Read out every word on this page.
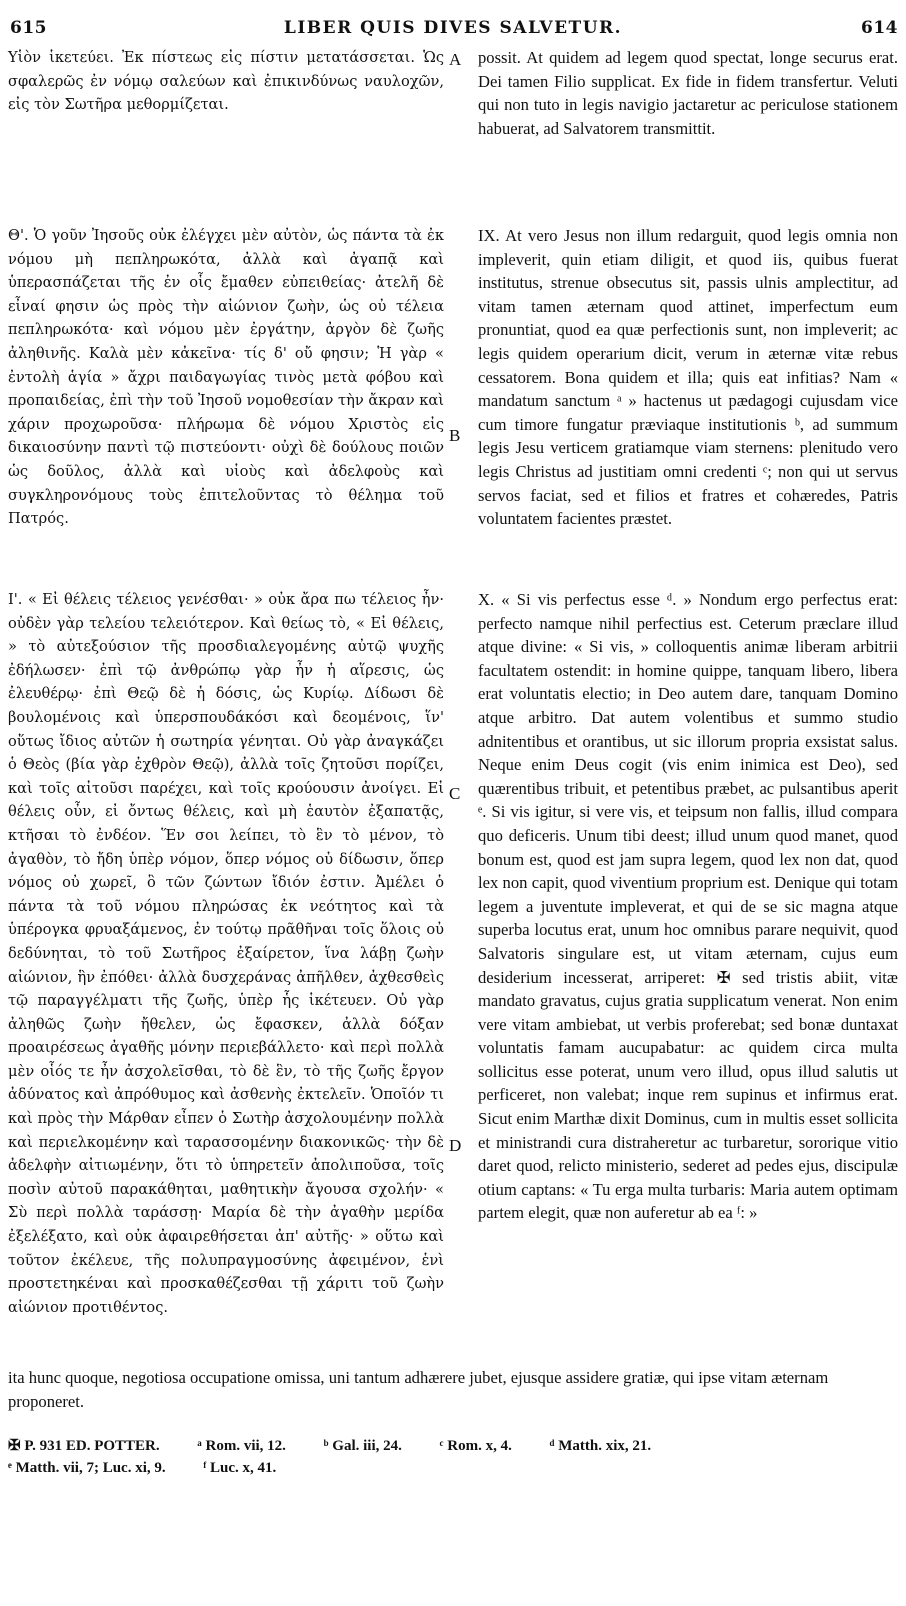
LIBER QUIS DIVES SALVETUR.
615	614
Υἱὸν ἱκετεύει. Ἐκ πίστεως εἰς πίστιν μετατάσσεται. Ὡς σφαλερῶς ἐν νόμῳ σαλεύων καὶ ἐπικινδύνως ναυλοχῶν, εἰς τὸν Σωτῆρα μεθορμίζεται.
Θ'. Ὁ γοῦν Ἰησοῦς οὐκ ἐλέγχει μὲν αὐτὸν, ὡς πάντα τὰ ἐκ νόμου μὴ πεπληρωκότα, ἀλλὰ καὶ ἀγαπᾷ καὶ ὑπερασπάζεται τῆς ἐν οἷς ἔμαθεν εὐπειθείας· ἀτελῆ δὲ εἶναί φησιν ὡς πρὸς τὴν αἰώνιον ζωὴν, ὡς οὐ τέλεια πεπληρωκότα· καὶ νόμου μὲν ἐργάτην, ἀργὸν δὲ ζωῆς ἀληθινῆς. Καλὰ μὲν κἀκεῖνα· τίς δ' οὔ φησιν; Ἡ γὰρ « ἐντολὴ ἁγία » ἄχρι παιδαγωγίας τινὸς μετὰ φόβου καὶ προπαιδείας, ἐπὶ τὴν τοῦ Ἰησοῦ νομοθεσίαν τὴν ἄκραν καὶ χάριν προχωροῦσα· πλήρωμα δὲ νόμου Χριστὸς εἰς δικαιοσύνην παντὶ τῷ πιστεύοντι· οὐχὶ δὲ δούλους ποιῶν ὡς δοῦλος, ἀλλὰ καὶ υἱοὺς καὶ ἀδελφοὺς καὶ συγκληρονόμους τοὺς ἐπιτελοῦντας τὸ θέλημα τοῦ Πατρός.
Ι'. « Εἰ θέλεις τέλειος γενέσθαι· » οὐκ ἄρα πω τέλειος ἦν· οὐδὲν γὰρ τελείου τελειότερον. Καὶ θείως τὸ, « Εἰ θέλεις, » τὸ αὐτεξούσιον τῆς προσδιαλεγομένης αὐτῷ ψυχῆς ἐδήλωσεν· ἐπὶ τῷ ἀνθρώπῳ γὰρ ἦν ἡ αἵρεσις, ὡς ἐλευθέρῳ· ἐπὶ Θεῷ δὲ ἡ δόσις, ὡς Κυρίῳ. Δίδωσι δὲ βουλομένοις καὶ ὑπερσπουδάκόσι καὶ δεομένοις, ἵν' οὕτως ἴδιος αὐτῶν ἡ σωτηρία γένηται. Οὐ γὰρ ἀναγκάζει ὁ Θεὸς (βία γὰρ ἐχθρὸν Θεῷ), ἀλλὰ τοῖς ζητοῦσι πορίζει, καὶ τοῖς αἰτοῦσι παρέχει, καὶ τοῖς κρούουσιν ἀνοίγει. Εἰ θέλεις οὖν, εἰ ὄντως θέλεις, καὶ μὴ ἑαυτὸν ἐξαπατᾷς, κτῆσαι τὸ ἐνδέον. Ἕν σοι λείπει, τὸ ἓν τὸ μένον, τὸ ἀγαθὸν, τὸ ἤδη ὑπὲρ νόμον, ὅπερ νόμος οὐ δίδωσιν, ὅπερ νόμος οὐ χωρεῖ, ὃ τῶν ζώντων ἴδιόν ἐστιν. Ἀμέλει ὁ πάντα τὰ τοῦ νόμου πληρώσας ἐκ νεότητος καὶ τὰ ὑπέρογκα φρυαξάμενος, ἐν τούτῳ πρᾶθῆναι τοῖς ὅλοις οὐ δεδύνηται, τὸ τοῦ Σωτῆρος ἐξαίρετον, ἵνα λάβῃ ζωὴν αἰώνιον, ἣν ἐπόθει· ἀλλὰ δυσχεράνας ἀπῆλθεν, ἀχθεσθεὶς τῷ παραγγέλματι τῆς ζωῆς, ὑπὲρ ἧς ἱκέτευεν. Οὐ γὰρ ἀληθῶς ζωὴν ἤθελεν, ὡς ἔφασκεν, ἀλλὰ δόξαν προαιρέσεως ἀγαθῆς μόνην περιεβάλλετο· καὶ περὶ πολλὰ μὲν οἷός τε ἦν ἀσχολεῖσθαι, τὸ δὲ ἓν, τὸ τῆς ζωῆς ἔργον ἀδύνατος καὶ ἀπρόθυμος καὶ ἀσθενὴς ἐκτελεῖν. Ὁποῖόν τι καὶ πρὸς τὴν Μάρθαν εἶπεν ὁ Σωτὴρ ἀσχολουμένην πολλὰ καὶ περιελκομένην καὶ ταρασσομένην διακονικῶς· τὴν δὲ ἀδελφὴν αἰτιωμένην, ὅτι τὸ ὑπηρετεῖν ἀπολιποῦσα, τοῖς ποσὶν αὐτοῦ παρακάθηται, μαθητικὴν ἄγουσα σχολήν· « Σὺ περὶ πολλὰ ταράσσῃ· Μαρία δὲ τὴν ἀγαθὴν μερίδα ἐξελέξατο, καὶ οὐκ ἀφαιρεθήσεται ἀπ' αὐτῆς· » οὕτω καὶ τοῦτον ἐκέλευε, τῆς πολυπραγμοσύνης ἀφειμένον, ἑνὶ προστετηκέναι καὶ προσκαθέζεσθαι τῇ χάριτι τοῦ ζωὴν αἰώνιον προτιθέντος.
A
B
C
D
possit. At quidem ad legem quod spectat, longe securus erat. Dei tamen Filio supplicat. Ex fide in fidem transfertur. Veluti qui non tuto in legis navigio jactaretur ac periculose stationem habuerat, ad Salvatorem transmittit.
IX. At vero Jesus non illum redarguit, quod legis omnia non impleverit, quin etiam diligit, et quod iis, quibus fuerat institutus, strenue obsecutus sit, passis ulnis amplectitur, ad vitam tamen æternam quod attinet, imperfectum eum pronuntiat, quod ea quæ perfectionis sunt, non impleverit; ac legis quidem operarium dicit, verum in æternæ vitæ rebus cessatorem. Bona quidem et illa; quis eat infitias? Nam « mandatum sanctum ᵃ » hactenus ut pædagogi cujusdam vice cum timore fungatur præviaque institutionis ᵇ, ad summum legis Jesu verticem gratiamque viam sternens: plenitudo vero legis Christus ad justitiam omni credenti ᶜ; non qui ut servus servos faciat, sed et filios et fratres et cohæredes, Patris voluntatem facientes præstet.
X. « Si vis perfectus esse ᵈ. » Nondum ergo perfectus erat: perfecto namque nihil perfectius est. Ceterum præclare illud atque divine: « Si vis, » colloquentis animæ liberam arbitrii facultatem ostendit: in homine quippe, tanquam libero, libera erat voluntatis electio; in Deo autem dare, tanquam Domino atque arbitro. Dat autem volentibus et summo studio adnitentibus et orantibus, ut sic illorum propria exsistat salus. Neque enim Deus cogit (vis enim inimica est Deo), sed quærentibus tribuit, et petentibus præbet, ac pulsantibus aperit ᵉ. Si vis igitur, si vere vis, et teipsum non fallis, illud compara quo deficeris. Unum tibi deest; illud unum quod manet, quod bonum est, quod est jam supra legem, quod lex non dat, quod lex non capit, quod viventium proprium est. Denique qui totam legem a juventute impleverat, et qui de se sic magna atque superba locutus erat, unum hoc omnibus parare nequivit, quod Salvatoris singulare est, ut vitam æternam, cujus eum desiderium incesserat, arriperet: ✠ sed tristis abiit, vitæ mandato gravatus, cujus gratia supplicatum venerat. Non enim vere vitam ambiebat, ut verbis proferebat; sed bonæ duntaxat voluntatis famam aucupabatur: ac quidem circa multa sollicitus esse poterat, unum vero illud, opus illud salutis ut perficeret, non valebat; inque rem supinus et infirmus erat. Sicut enim Marthæ dixit Dominus, cum in multis esset sollicita et ministrandi cura distraheretur ac turbaretur, sororique vitio daret quod, relicto ministerio, sederet ad pedes ejus, discipulæ otium captans: « Tu erga multa turbaris: Maria autem optimam partem elegit, quæ non auferetur ab ea ᶠ: »
ita hunc quoque, negotiosa occupatione omissa, uni tantum adhærere jubet, ejusque assidere gratiæ, qui ipse vitam æternam proponeret.
✠ P. 931 ED. POTTER.	ᵃ Rom. vii, 12.	ᵇ Gal. iii, 24.	ᶜ Rom. x, 4.	ᵈ Matth. xix, 21.
ᵉ Matth. vii, 7; Luc. xi, 9.	ᶠ Luc. x, 41.
